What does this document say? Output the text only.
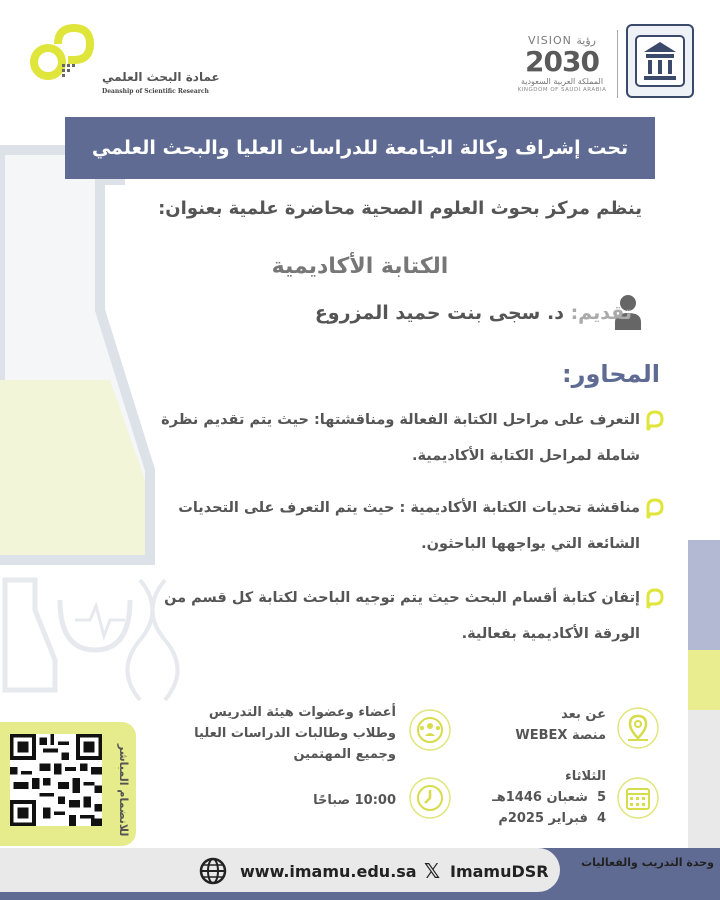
عمادة البحث العلمي
Deanship of Scientific Research
VISION رؤية
2030
المملكة العربية السعودية
KINGDOM OF SAUDI ARABIA
تحت إشراف وكالة الجامعة للدراسات العليا والبحث العلمي
ينظم مركز بحوث العلوم الصحية محاضرة علمية بعنوان:
الكتابة الأكاديمية
تقديم: د. سجى بنت حميد المزروع
المحاور:
التعرف على مراحل الكتابة الفعالة ومناقشتها: حيث يتم تقديم نظرة
شاملة لمراحل الكتابة الأكاديمية.
مناقشة تحديات الكتابة الأكاديمية : حيث يتم التعرف على التحديات
الشائعة التي يواجهها الباحثون.
إتقان كتابة أقسام البحث حيث يتم توجيه الباحث لكتابة كل قسم من
الورقة الأكاديمية بفعالية.
عن بعد
منصة WEBEX
الثلاثاء
5  شعبان 1446هـ
4  فبراير 2025م
أعضاء وعضوات هيئة التدريس
وطلاب وطالبات الدراسات العليا
وجميع المهتمين
10:00 صباحًا
للانضمام المباشر
www.imamu.edu.sa 𝕏 ImamuDSR	وحدة التدريب والفعاليات
